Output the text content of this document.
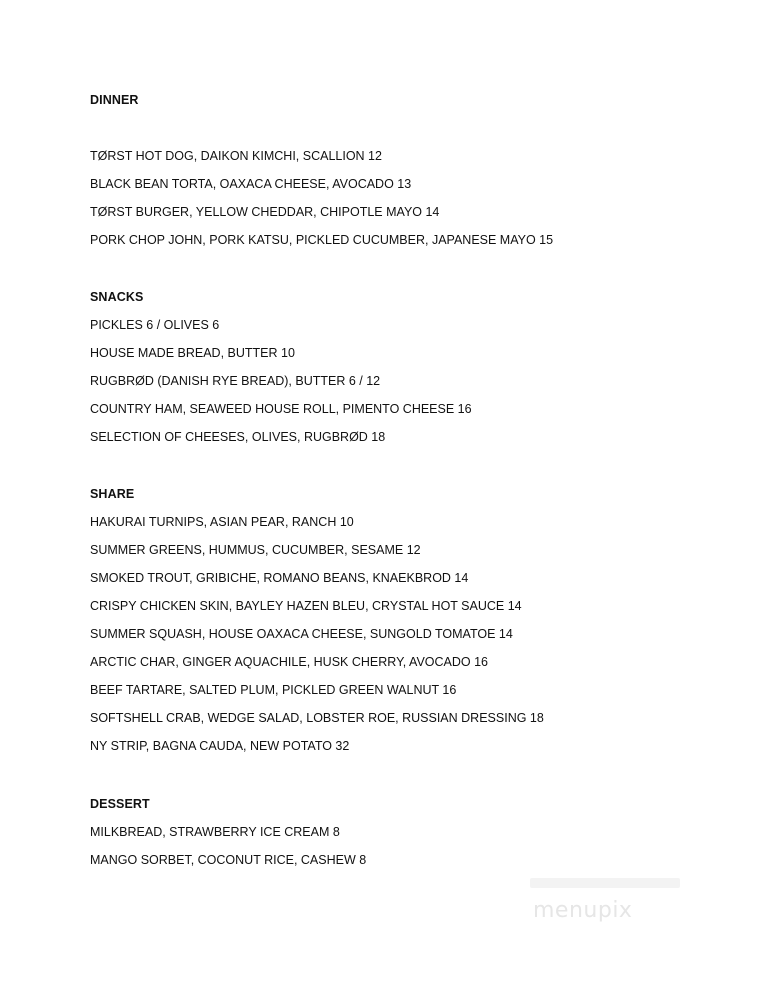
DINNER
TØRST HOT DOG, DAIKON KIMCHI, SCALLION 12
BLACK BEAN TORTA, OAXACA CHEESE, AVOCADO 13
TØRST BURGER, YELLOW CHEDDAR, CHIPOTLE MAYO 14
PORK CHOP JOHN, PORK KATSU, PICKLED CUCUMBER, JAPANESE MAYO 15
SNACKS
PICKLES 6 / OLIVES 6
HOUSE MADE BREAD, BUTTER 10
RUGBRØD (DANISH RYE BREAD), BUTTER 6 / 12
COUNTRY HAM, SEAWEED HOUSE ROLL, PIMENTO CHEESE 16
SELECTION OF CHEESES, OLIVES, RUGBRØD 18
SHARE
HAKURAI TURNIPS, ASIAN PEAR, RANCH 10
SUMMER GREENS, HUMMUS, CUCUMBER, SESAME 12
SMOKED TROUT, GRIBICHE, ROMANO BEANS, KNAEKBROD 14
CRISPY CHICKEN SKIN, BAYLEY HAZEN BLEU, CRYSTAL HOT SAUCE 14
SUMMER SQUASH, HOUSE OAXACA CHEESE, SUNGOLD TOMATOE 14
ARCTIC CHAR, GINGER AQUACHILE, HUSK CHERRY, AVOCADO 16
BEEF TARTARE, SALTED PLUM, PICKLED GREEN WALNUT 16
SOFTSHELL CRAB, WEDGE SALAD, LOBSTER ROE, RUSSIAN DRESSING 18
NY STRIP, BAGNA CAUDA, NEW POTATO 32
DESSERT
MILKBREAD, STRAWBERRY ICE CREAM 8
MANGO SORBET, COCONUT RICE, CASHEW 8
menupix
